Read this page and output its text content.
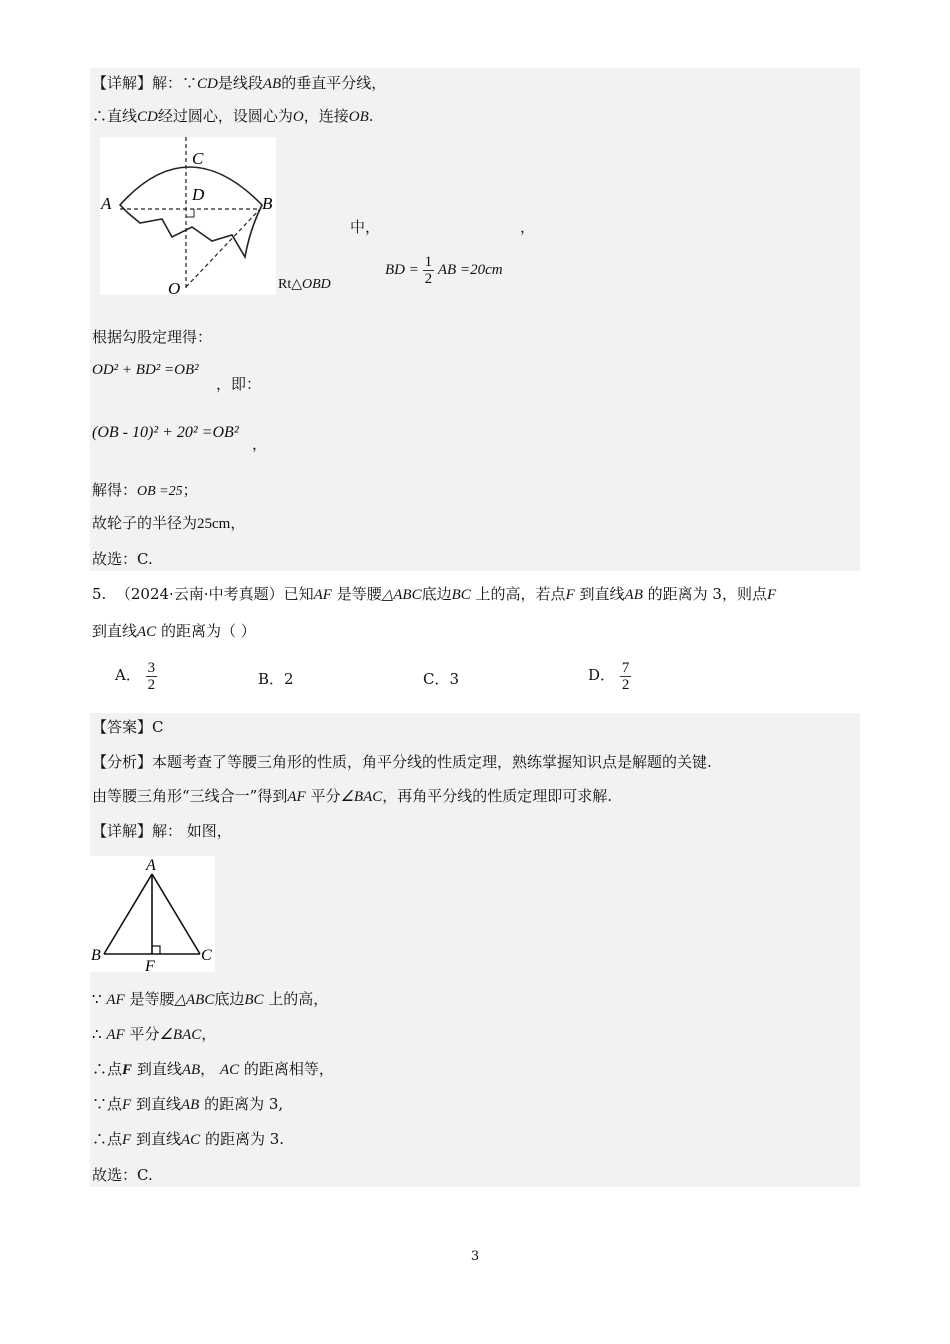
【详解】解：∵CD是线段AB的垂直平分线，
∴直线CD经过圆心，设圆心为O，连接OB.
C
D
A	B
O	Rt△OBD
中，	，
BD = $\frac{1}{2}$ AB =20cm
根据勾股定理得：
OD² + BD² =OB²
，即：
(OB - 10)² + 20² =OB²
，
解得：OB =25；
故轮子的半径为25cm，
故选：C.
5. （2024·云南·中考真题）已知AF 是等腰△ABC底边BC 上的高，若点F 到直线AB 的距离为 3，则点F
到直线AC 的距离为（ ）
A． $\frac{3}{2}$	B．2	C．3	D． $\frac{7}{2}$
【答案】C
【分析】本题考查了等腰三角形的性质，角平分线的性质定理，熟练掌握知识点是解题的关键.
由等腰三角形“三线合一”得到AF 平分∠BAC，再角平分线的性质定理即可求解.
【详解】解： 如图，
A
B	C
F
∵ AF 是等腰△ABC底边BC 上的高，
∴ AF 平分∠BAC，
∴点F 到直线AB， AC 的距离相等，
∵点F 到直线AB 的距离为 3,
∴点F 到直线AC 的距离为 3.
故选：C.
3
